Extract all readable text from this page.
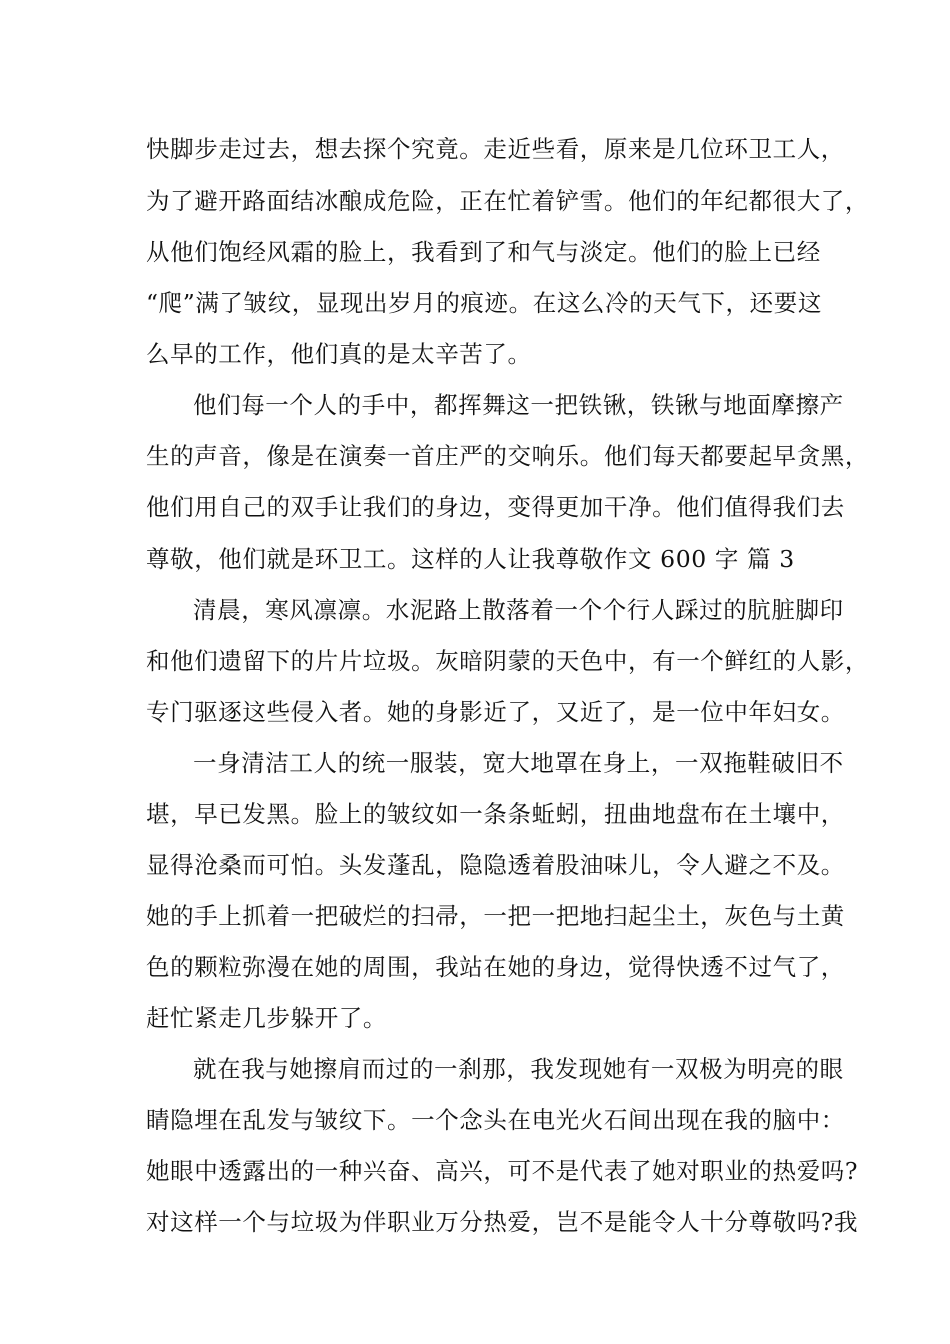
快脚步走过去，想去探个究竟。走近些看，原来是几位环卫工人，
为了避开路面结冰酿成危险，正在忙着铲雪。他们的年纪都很大了，
从他们饱经风霜的脸上，我看到了和气与淡定。他们的脸上已经
“爬”满了皱纹，显现出岁月的痕迹。在这么冷的天气下，还要这
么早的工作，他们真的是太辛苦了。
他们每一个人的手中，都挥舞这一把铁锹，铁锹与地面摩擦产
生的声音，像是在演奏一首庄严的交响乐。他们每天都要起早贪黑，
他们用自己的双手让我们的身边，变得更加干净。他们值得我们去
尊敬，他们就是环卫工。这样的人让我尊敬作文 600 字 篇 3
清晨，寒风凛凛。水泥路上散落着一个个行人踩过的肮脏脚印
和他们遗留下的片片垃圾。灰暗阴蒙的天色中，有一个鲜红的人影，
专门驱逐这些侵入者。她的身影近了，又近了，是一位中年妇女。
一身清洁工人的统一服装，宽大地罩在身上，一双拖鞋破旧不
堪，早已发黑。脸上的皱纹如一条条蚯蚓，扭曲地盘布在土壤中，
显得沧桑而可怕。头发蓬乱，隐隐透着股油味儿，令人避之不及。
她的手上抓着一把破烂的扫帚，一把一把地扫起尘土，灰色与土黄
色的颗粒弥漫在她的周围，我站在她的身边，觉得快透不过气了，
赶忙紧走几步躲开了。
就在我与她擦肩而过的一刹那，我发现她有一双极为明亮的眼
睛隐埋在乱发与皱纹下。一个念头在电光火石间出现在我的脑中：
她眼中透露出的一种兴奋、高兴，可不是代表了她对职业的热爱吗?
对这样一个与垃圾为伴职业万分热爱，岂不是能令人十分尊敬吗?我
